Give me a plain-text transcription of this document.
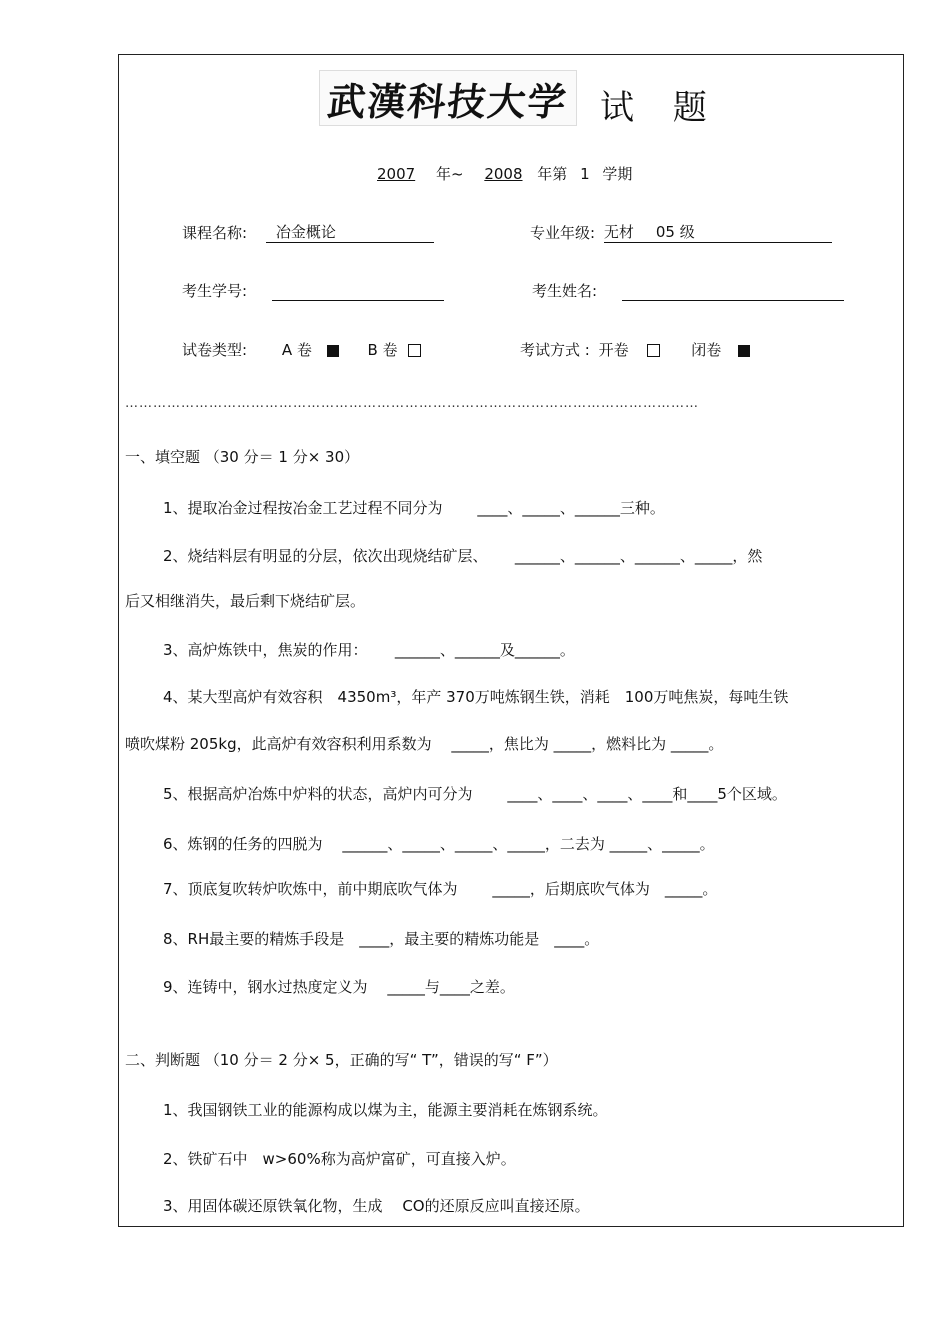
武漢科技大学 试 题
2007 年~ 2008 年第 1 学期
课程名称: 冶金概论	专业年级: 无材 05 级
考生学号:	考生姓名:
试卷类型: A 卷	B 卷	考试方式 : 开卷	闭卷
……………………………………………………………………………………………………………
一、填空题 （30 分＝ 1 分× 30）
1、提取冶金过程按冶金工艺过程不同分为　　 ____、_____、______三种。
2、烧结料层有明显的分层，依次出现烧结矿层、　　 ______、______、______、_____，然
后又相继消失，最后剩下烧结矿层。
3、高炉炼铁中，焦炭的作用：　　 ______、______及______。
4、某大型高炉有效容积　4350m³，年产 370万吨炼钢生铁，消耗　100万吨焦炭，每吨生铁
喷吹煤粉 205kg，此高炉有效容积利用系数为　 _____，焦比为 _____，燃料比为 _____。
5、根据高炉冶炼中炉料的状态，高炉内可分为　　 ____、____、____、____和____5个区域。
6、炼钢的任务的四脱为　 ______、_____、_____、_____，二去为 _____、_____。
7、顶底复吹转炉吹炼中，前中期底吹气体为　　 _____，后期底吹气体为　_____。
8、RH最主要的精炼手段是　____，最主要的精炼功能是　____。
9、连铸中，钢水过热度定义为　 _____与____之差。
二、判断题 （10 分＝ 2 分× 5，正确的写“ T”，错误的写“ F”）
1、我国钢铁工业的能源构成以煤为主，能源主要消耗在炼钢系统。
2、铁矿石中　w>60%称为高炉富矿，可直接入炉。
3、用固体碳还原铁氧化物，生成　 CO的还原反应叫直接还原。
